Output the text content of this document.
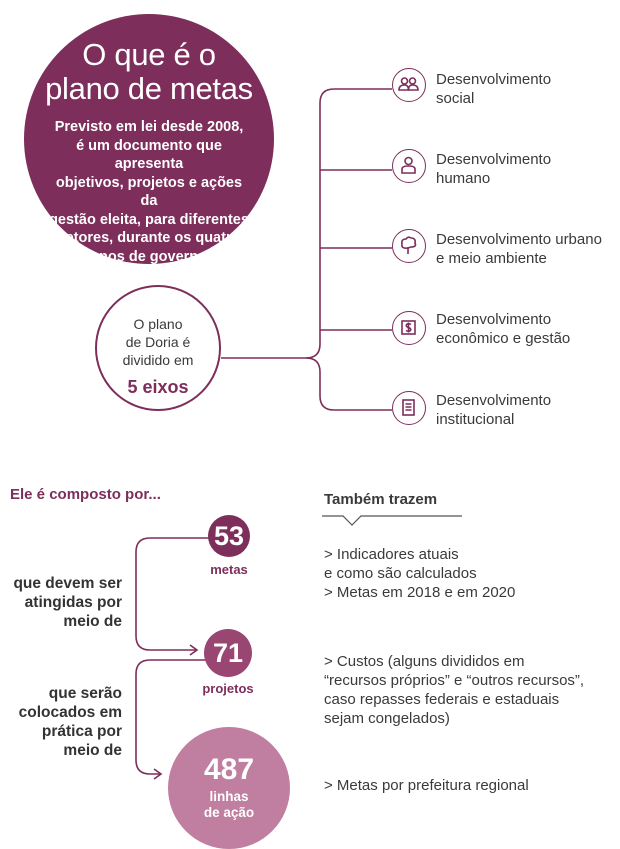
O que é o
plano de metas
Previsto em lei desde 2008,
é um documento que apresenta
objetivos, projetos e ações da
gestão eleita, para diferentes
setores, durante os quatro
anos de governo
O plano
de Doria é
dividido em
5 eixos
Desenvolvimento
social
Desenvolvimento
humano
Desenvolvimento urbano
e meio ambiente
Desenvolvimento
econômico e gestão
Desenvolvimento
institucional
Ele é composto por...
53
metas
que devem ser
atingidas por
meio de
71
projetos
que serão
colocados em
prática por
meio de
487
linhas
de ação
Também trazem
> Indicadores atuais
e como são calculados
> Metas em 2018 e em 2020
> Custos (alguns divididos em
“recursos próprios” e “outros recursos”,
caso repasses federais e estaduais
sejam congelados)
> Metas por prefeitura regional
